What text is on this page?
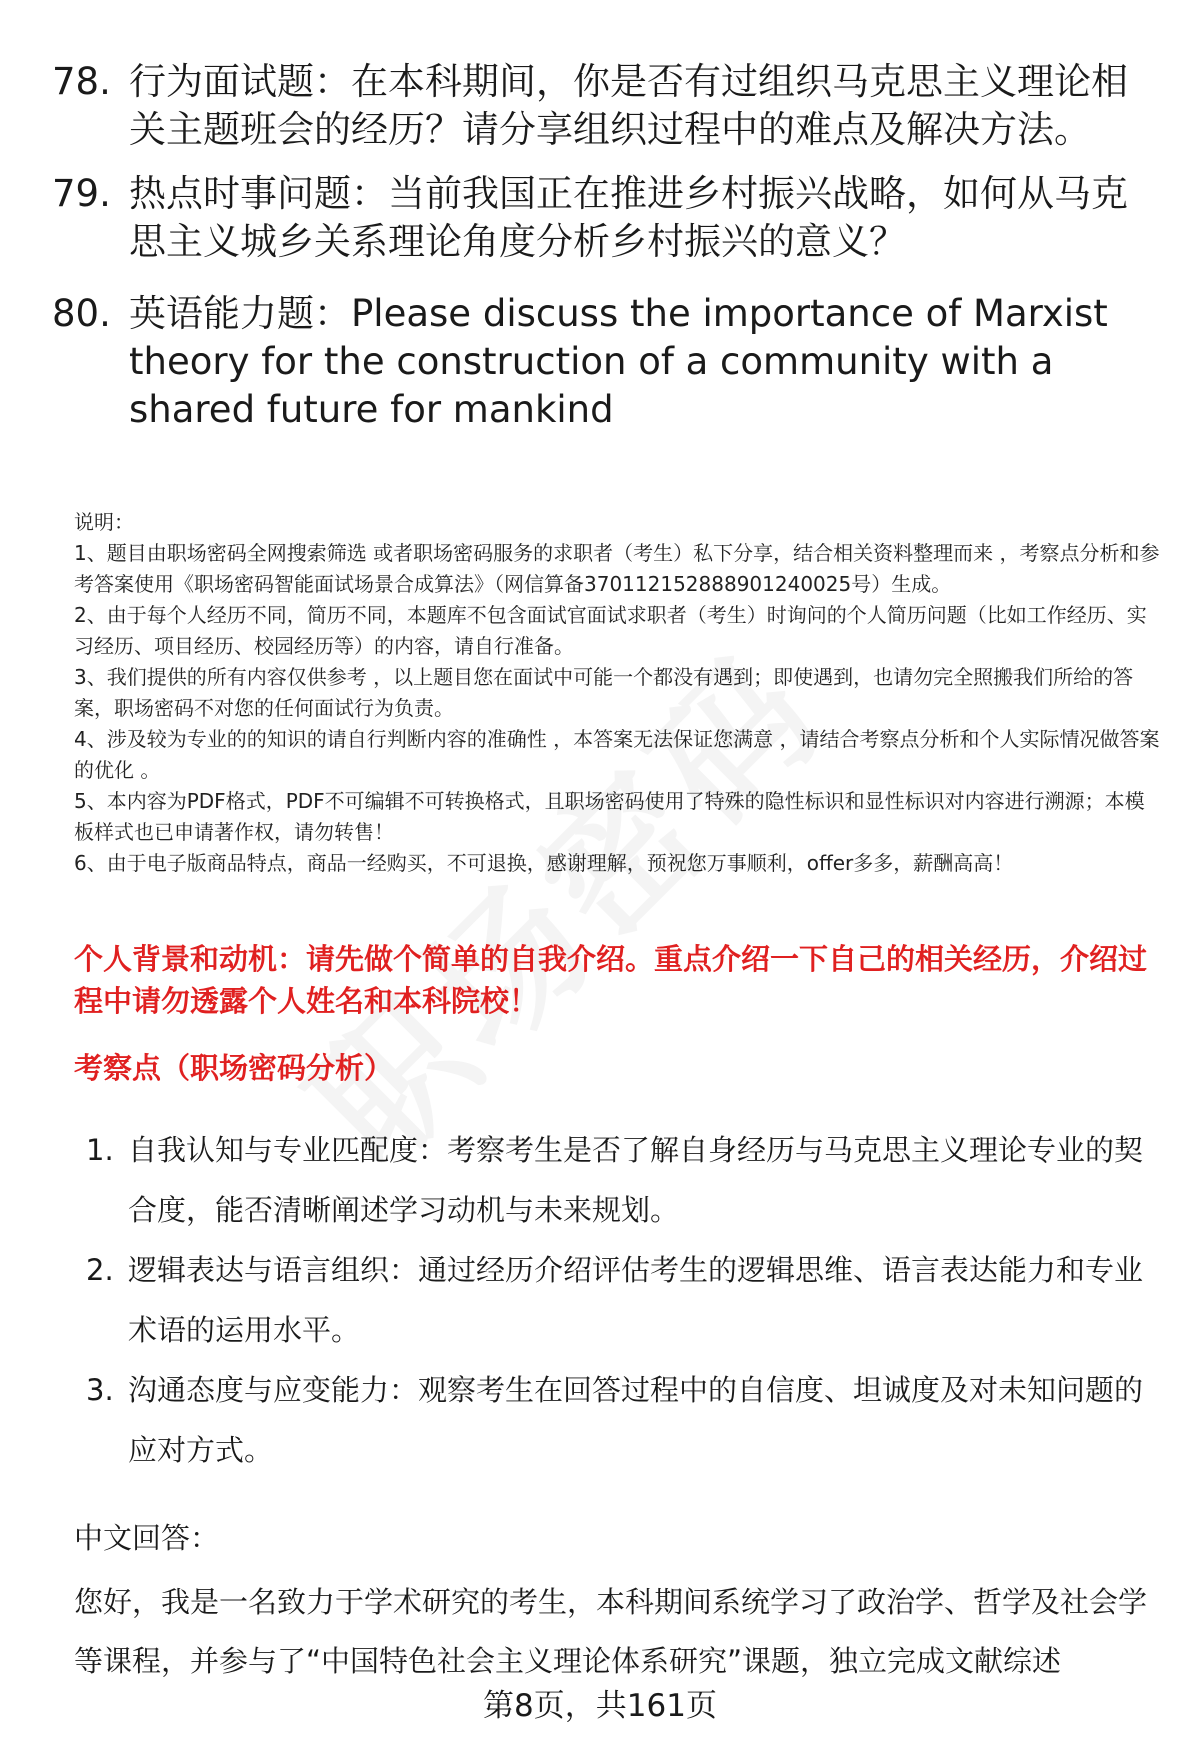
78. 行为面试题：在本科期间，你是否有过组织马克思主义理论相关主题班会的经历？请分享组织过程中的难点及解决方法。
79. 热点时事问题：当前我国正在推进乡村振兴战略，如何从马克思主义城乡关系理论角度分析乡村振兴的意义？
80. 英语能力题：Please discuss the importance of Marxist theory for the construction of a community with a shared future for mankind

说明：

1、题目由职场密码全网搜索筛选 或者职场密码服务的求职者（考生）私下分享，结合相关资料整理而来 ，考察点分析和参考答案使用《职场密码智能面试场景合成算法》（网信算备370112152888901240025号）生成。

2、由于每个人经历不同，简历不同，本题库不包含面试官面试求职者（考生）时询问的个人简历问题（比如工作经历、实习经历、项目经历、校园经历等）的内容，请自行准备。

3、我们提供的所有内容仅供参考 ，以上题目您在面试中可能一个都没有遇到；即使遇到，也请勿完全照搬我们所给的答案，职场密码不对您的任何面试行为负责。

4、涉及较为专业的的知识的请自行判断内容的准确性 ，本答案无法保证您满意 ，请结合考察点分析和个人实际情况做答案的优化 。

5、本内容为PDF格式，PDF不可编辑不可转换格式，且职场密码使用了特殊的隐性标识和显性标识对内容进行溯源；本模板样式也已申请著作权，请勿转售！

6、由于电子版商品特点，商品一经购买，不可退换，感谢理解，预祝您万事顺利，offer多多，薪酬高高！

个人背景和动机：请先做个简单的自我介绍。重点介绍一下自己的相关经历，介绍过程中请勿透露个人姓名和本科院校！
考察点（职场密码分析）
1. 自我认知与专业匹配度：考察考生是否了解自身经历与马克思主义理论专业的契合度，能否清晰阐述学习动机与未来规划。
2. 逻辑表达与语言组织：通过经历介绍评估考生的逻辑思维、语言表达能力和专业术语的运用水平。
3. 沟通态度与应变能力：观察考生在回答过程中的自信度、坦诚度及对未知问题的应对方式。
中文回答：
您好，我是一名致力于学术研究的考生，本科期间系统学习了政治学、哲学及社会学等课程，并参与了“中国特色社会主义理论体系研究”课题，独立完成文献综述
第8页，共161页
